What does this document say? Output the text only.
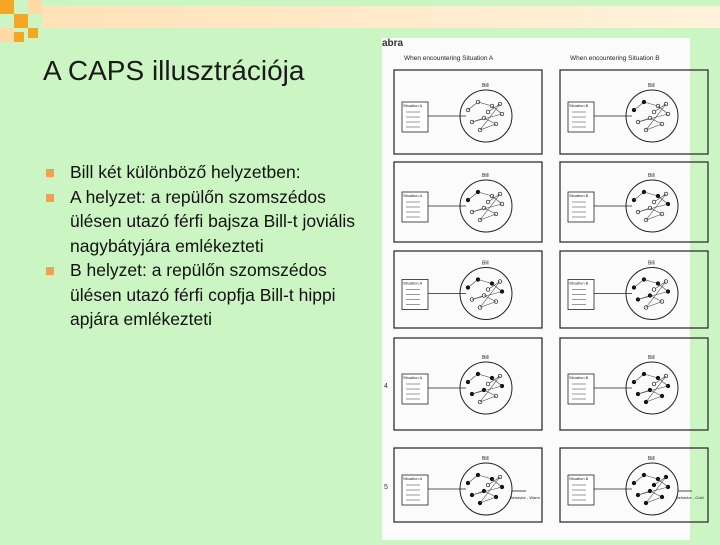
A CAPS illusztrációja
Bill két különböző helyzetben:
A helyzet: a repülőn szomszédos ülésen utazó férfi bajsza Bill-t joviális nagybátyjára emlékezteti
B helyzet: a repülőn szomszédos ülésen utazó férfi copfja Bill-t hippi apjára emlékezteti
abra
When encountering Situation A	When encountering Situation B
Bill
Situation A
Bill
Situation B
Bill
Situation A
Bill
Situation B
Bill
Situation A
Bill
Situation B
4
Bill
Situation A
Bill
Situation B
5
Bill
Situation A
Behavior - Warm
Bill
Situation B
Behavior - Cold
